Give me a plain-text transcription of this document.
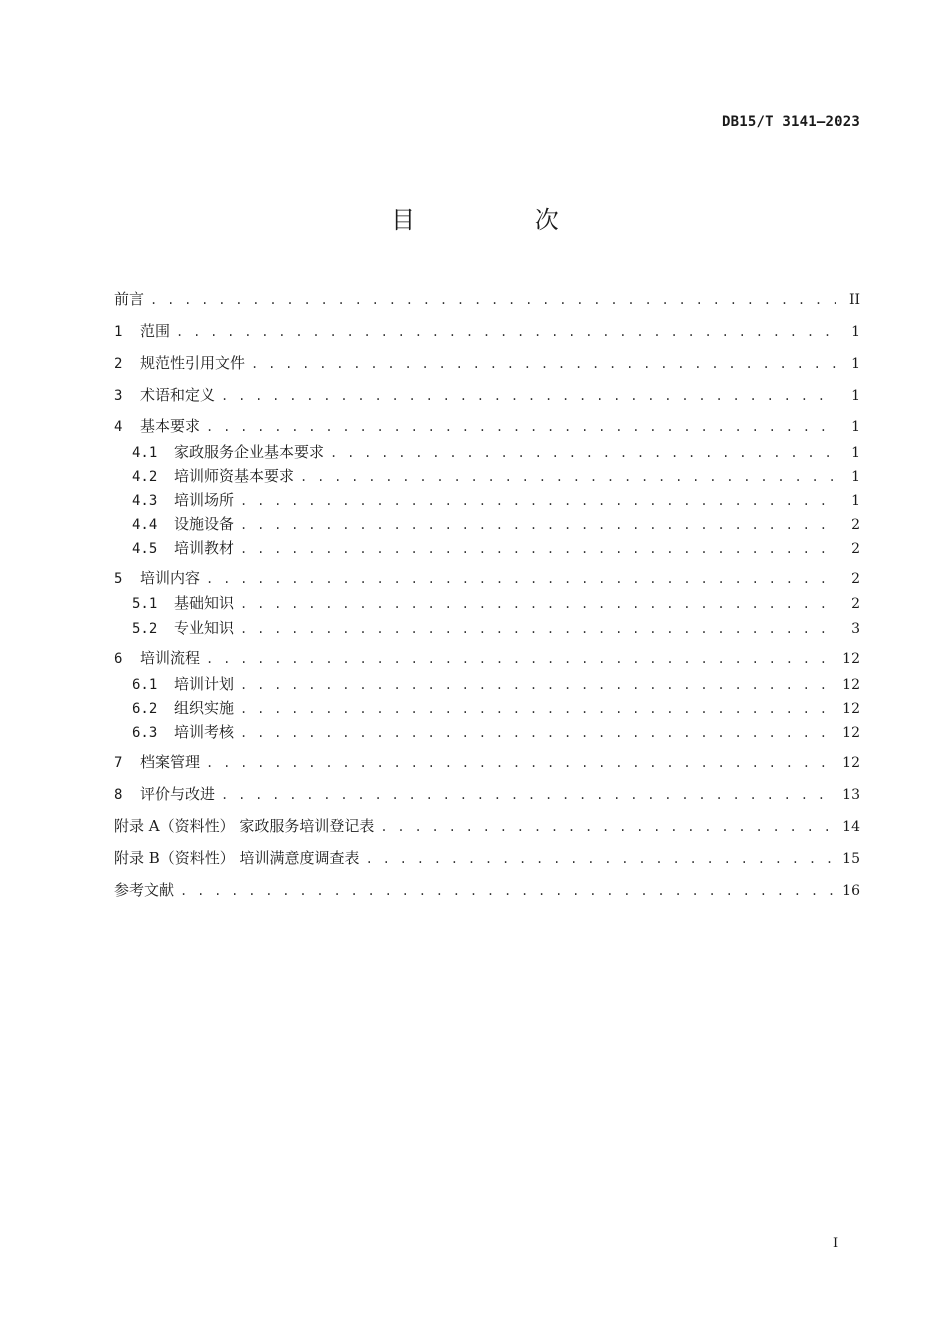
DB15/T 3141—2023
目 次
前言 . . .	II
1	范围 . . .	1
2	规范性引用文件 . . .	1
3	术语和定义 . . .	1
4	基本要求 . . .	1
4.1	家政服务企业基本要求 . . .	1
4.2	培训师资基本要求 . . .	1
4.3	培训场所 . . .	1
4.4	设施设备 . . .	2
4.5	培训教材 . . .	2
5	培训内容 . . .	2
5.1	基础知识 . . .	2
5.2	专业知识 . . .	3
6	培训流程 . . .	12
6.1	培训计划 . . .	12
6.2	组织实施 . . .	12
6.3	培训考核 . . .	12
7	档案管理 . . .	12
8	评价与改进 . . .	13
附录 A（资料性） 家政服务培训登记表 . . .	14
附录 B（资料性） 培训满意度调查表 . . .	15
参考文献 . . .	16
I
